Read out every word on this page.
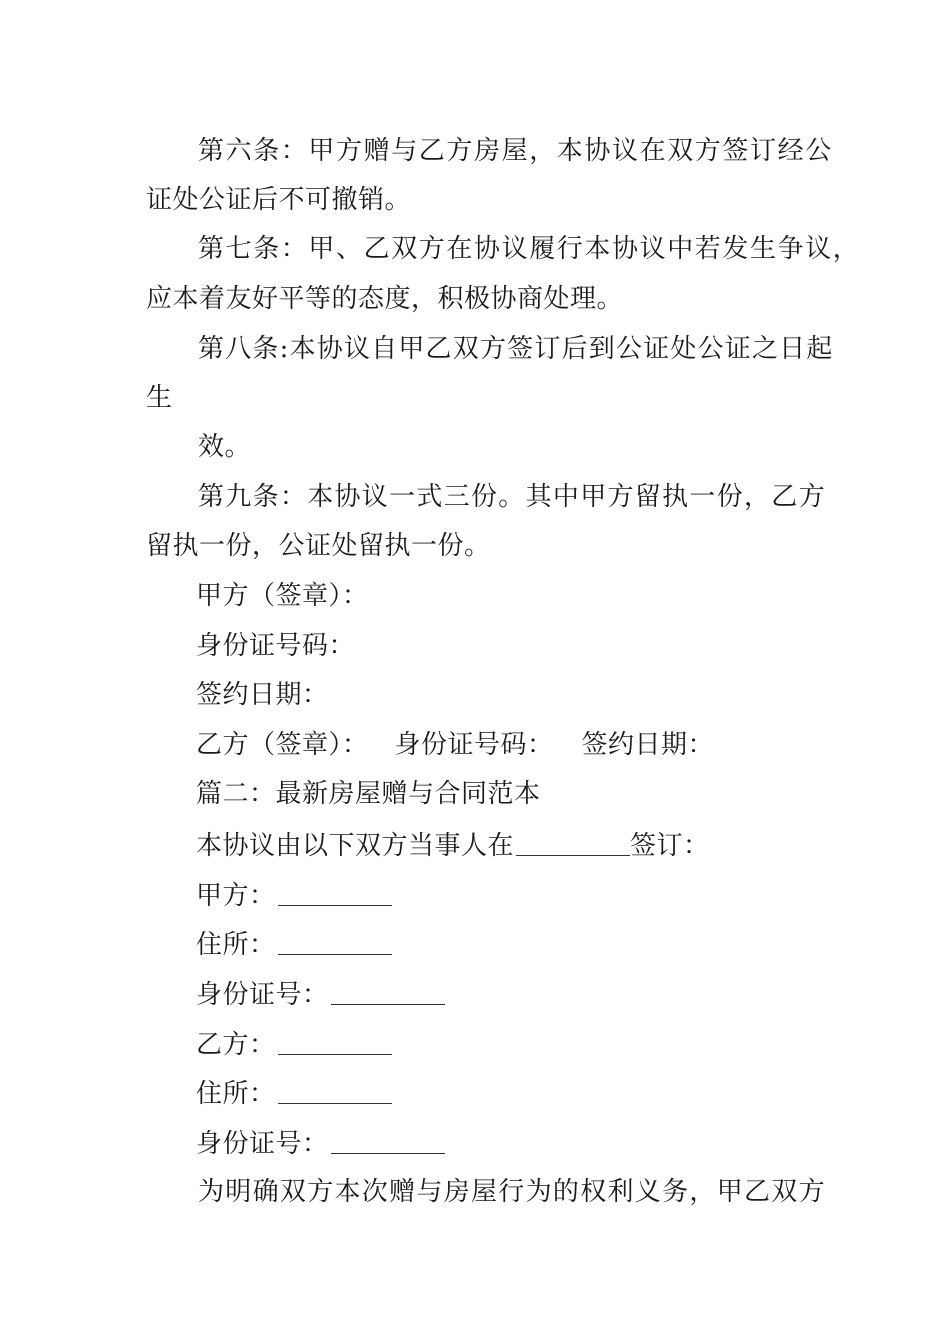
第六条：甲方赠与乙方房屋，本协议在双方签订经公
证处公证后不可撤销。
第七条：甲、乙双方在协议履行本协议中若发生争议，
应本着友好平等的态度，积极协商处理。
第八条:本协议自甲乙双方签订后到公证处公证之日起
生
效。
第九条：本协议一式三份。其中甲方留执一份，乙方
留执一份，公证处留执一份。
甲方（签章）：
身份证号码：
签约日期：
乙方（签章）： 身份证号码： 签约日期：
篇二：最新房屋赠与合同范本
本协议由以下双方当事人在	签订：
甲方：
住所：
身份证号：
乙方：
住所：
身份证号：
为明确双方本次赠与房屋行为的权利义务，甲乙双方
